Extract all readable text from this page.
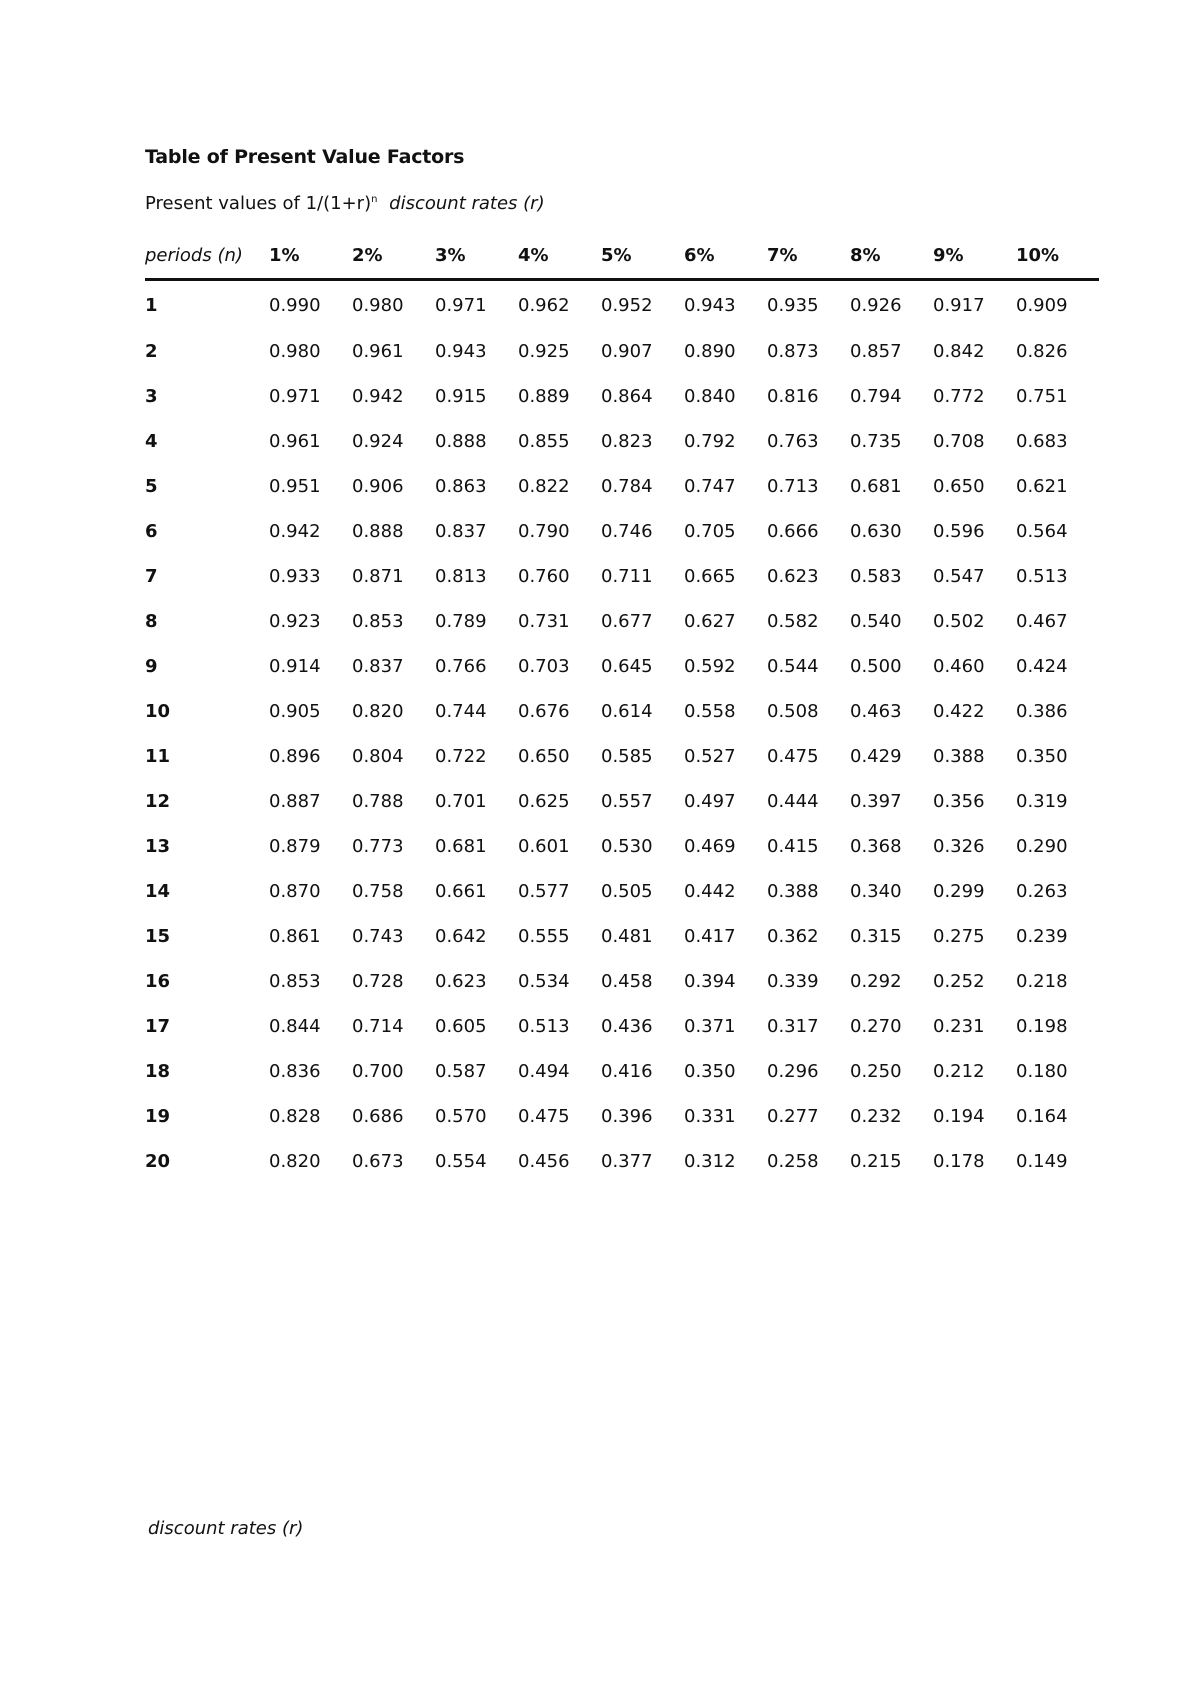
Table of Present Value Factors
Present values of $1/(1+r)^n$ discount rates (r)
periods (n)	1%	2%	3%	4%	5%	6%	7%	8%	9%	10%
1	0.990	0.980	0.971	0.962	0.952	0.943	0.935	0.926	0.917	0.909
2	0.980	0.961	0.943	0.925	0.907	0.890	0.873	0.857	0.842	0.826
3	0.971	0.942	0.915	0.889	0.864	0.840	0.816	0.794	0.772	0.751
4	0.961	0.924	0.888	0.855	0.823	0.792	0.763	0.735	0.708	0.683
5	0.951	0.906	0.863	0.822	0.784	0.747	0.713	0.681	0.650	0.621
6	0.942	0.888	0.837	0.790	0.746	0.705	0.666	0.630	0.596	0.564
7	0.933	0.871	0.813	0.760	0.711	0.665	0.623	0.583	0.547	0.513
8	0.923	0.853	0.789	0.731	0.677	0.627	0.582	0.540	0.502	0.467
9	0.914	0.837	0.766	0.703	0.645	0.592	0.544	0.500	0.460	0.424
10	0.905	0.820	0.744	0.676	0.614	0.558	0.508	0.463	0.422	0.386
11	0.896	0.804	0.722	0.650	0.585	0.527	0.475	0.429	0.388	0.350
12	0.887	0.788	0.701	0.625	0.557	0.497	0.444	0.397	0.356	0.319
13	0.879	0.773	0.681	0.601	0.530	0.469	0.415	0.368	0.326	0.290
14	0.870	0.758	0.661	0.577	0.505	0.442	0.388	0.340	0.299	0.263
15	0.861	0.743	0.642	0.555	0.481	0.417	0.362	0.315	0.275	0.239
16	0.853	0.728	0.623	0.534	0.458	0.394	0.339	0.292	0.252	0.218
17	0.844	0.714	0.605	0.513	0.436	0.371	0.317	0.270	0.231	0.198
18	0.836	0.700	0.587	0.494	0.416	0.350	0.296	0.250	0.212	0.180
19	0.828	0.686	0.570	0.475	0.396	0.331	0.277	0.232	0.194	0.164
20	0.820	0.673	0.554	0.456	0.377	0.312	0.258	0.215	0.178	0.149
discount rates (r)
